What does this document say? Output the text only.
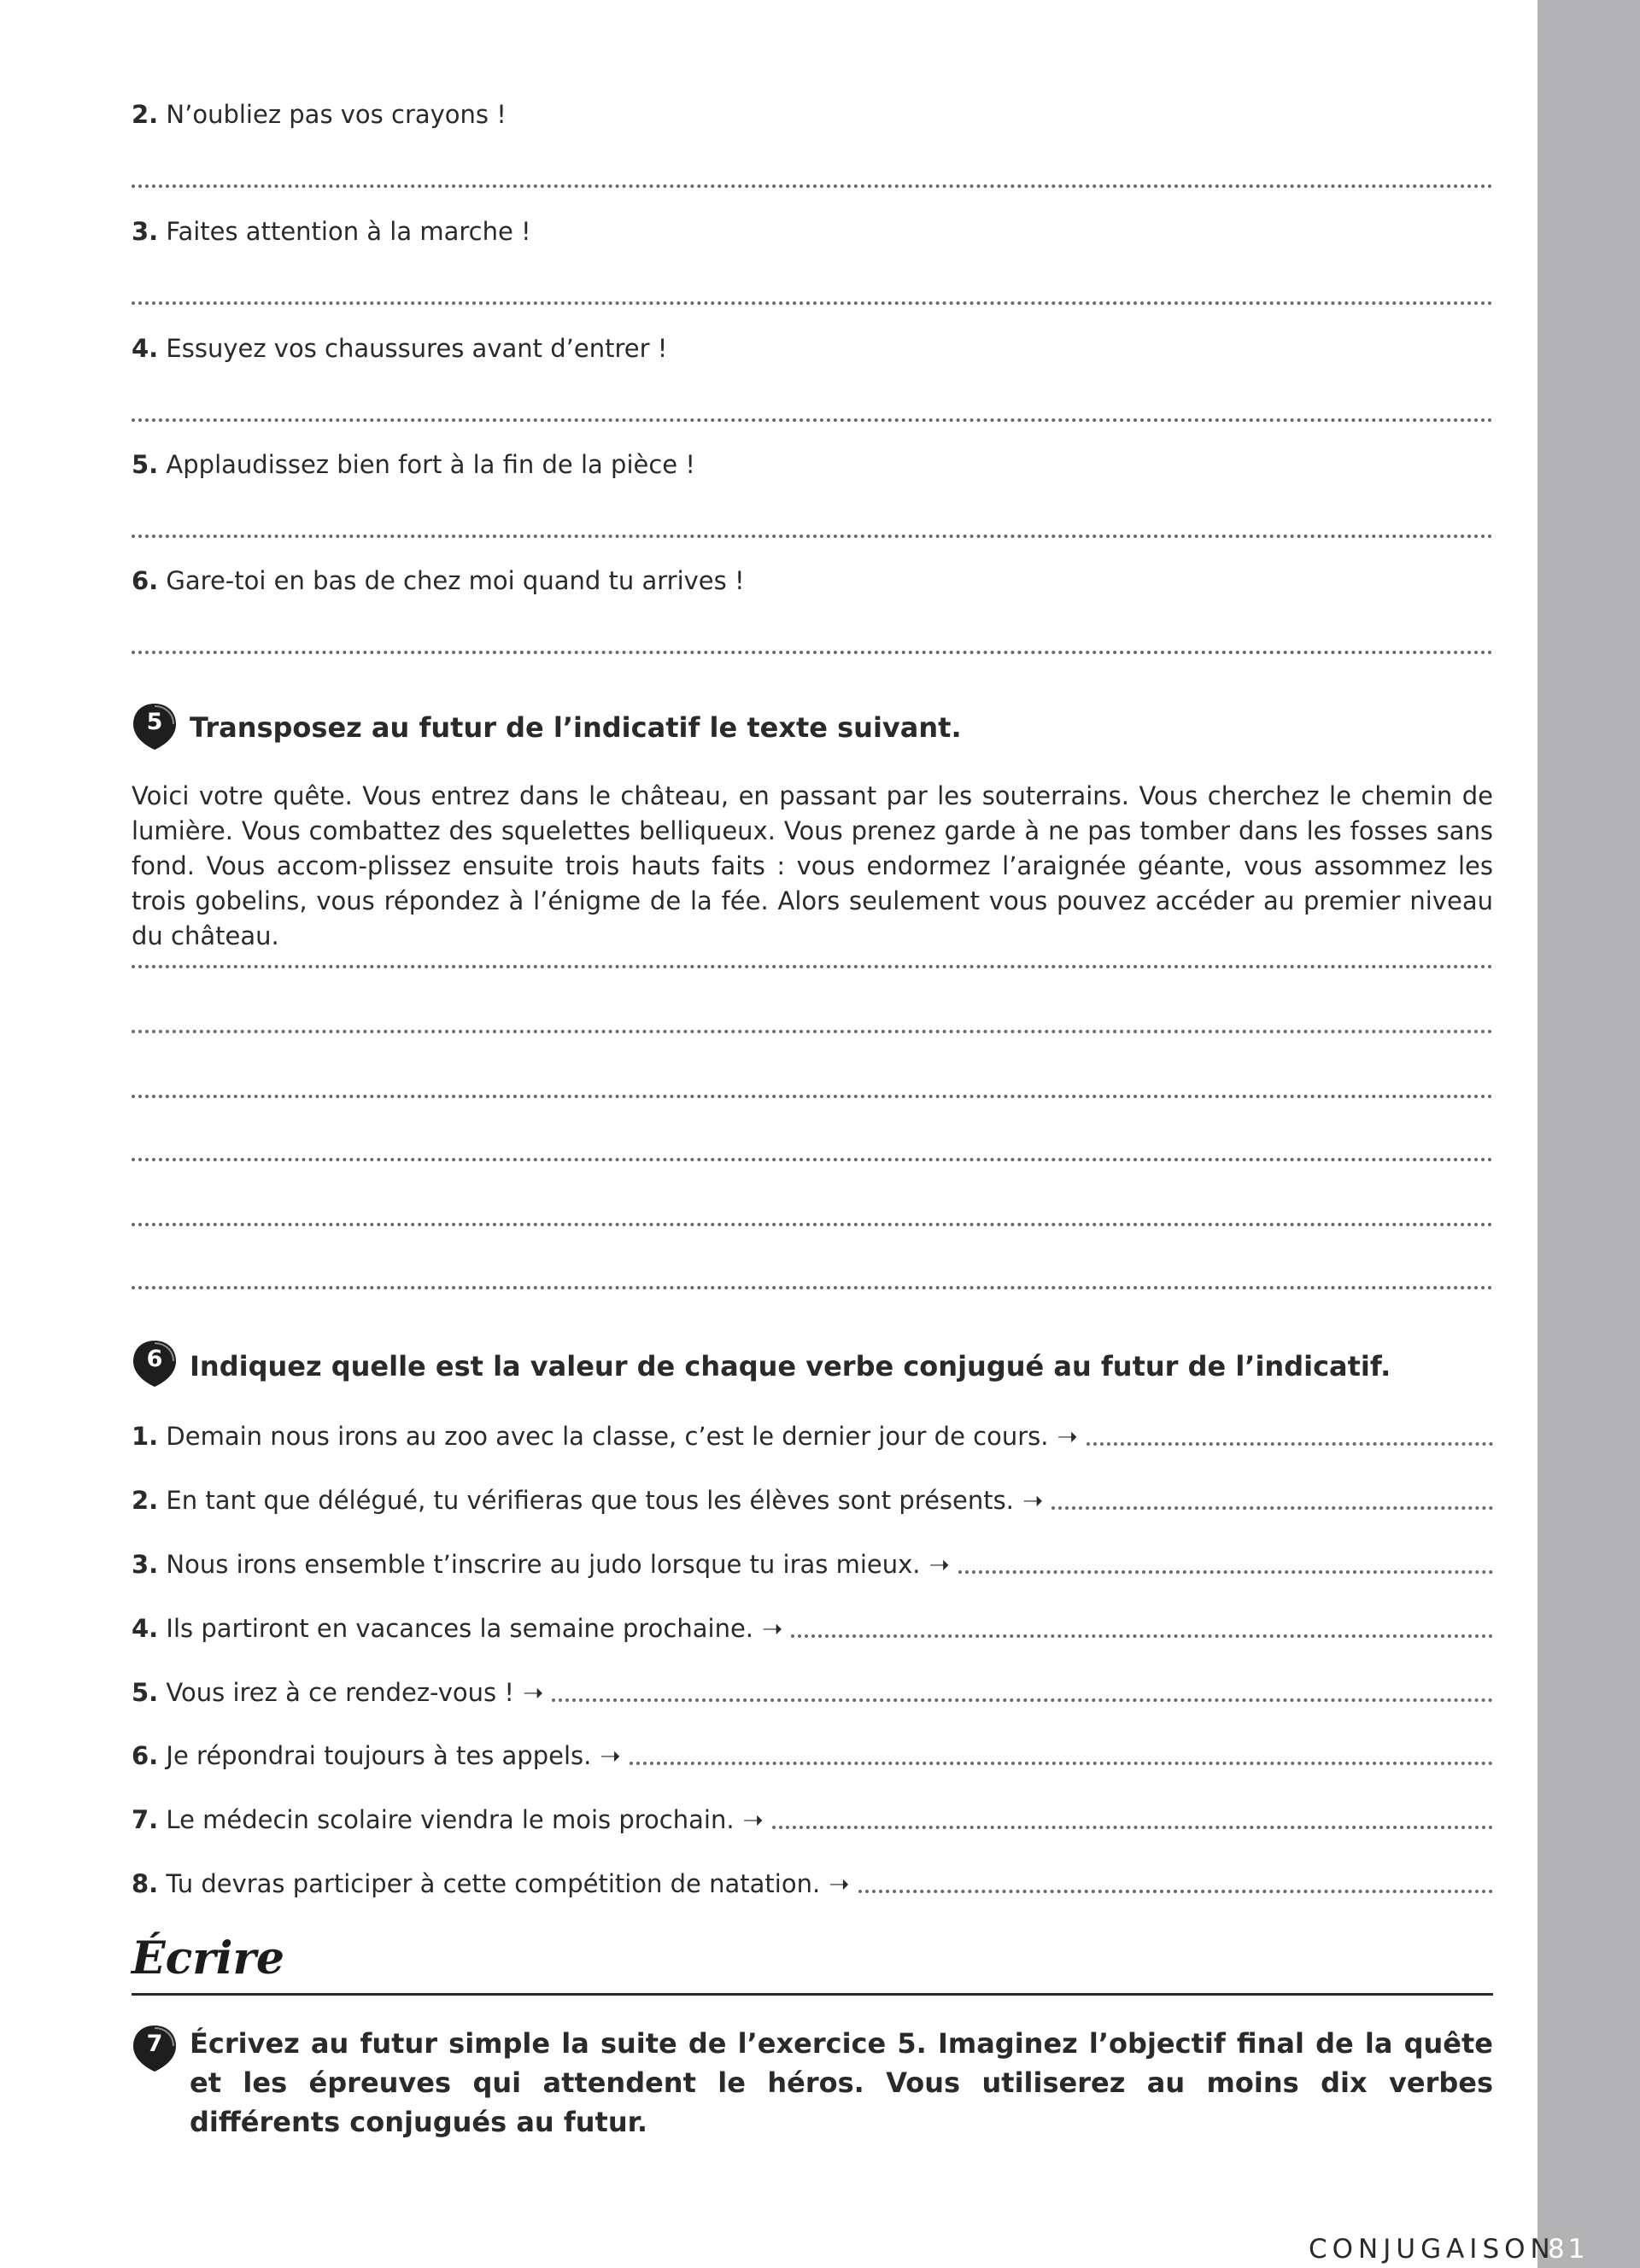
2. N’oubliez pas vos crayons !
3. Faites attention à la marche !
4. Essuyez vos chaussures avant d’entrer !
5. Applaudissez bien fort à la fin de la pièce !
6. Gare-toi en bas de chez moi quand tu arrives !
5 Transposez au futur de l’indicatif le texte suivant.

Voici votre quête. Vous entrez dans le château, en passant par les souterrains. Vous cherchez le chemin de lumière. Vous combattez des squelettes belliqueux. Vous prenez garde à ne pas tomber dans les fosses sans fond. Vous accom-plissez ensuite trois hauts faits : vous endormez l’araignée géante, vous assommez les trois gobelins, vous répondez à l’énigme de la fée. Alors seulement vous pouvez accéder au premier niveau du château.

6 Indiquez quelle est la valeur de chaque verbe conjugué au futur de l’indicatif.
1. Demain nous irons au zoo avec la classe, c’est le dernier jour de cours. ➝
2. En tant que délégué, tu vérifieras que tous les élèves sont présents. ➝
3. Nous irons ensemble t’inscrire au judo lorsque tu iras mieux. ➝
4. Ils partiront en vacances la semaine prochaine. ➝
5. Vous irez à ce rendez-vous ! ➝
6. Je répondrai toujours à tes appels. ➝
7. Le médecin scolaire viendra le mois prochain. ➝
8. Tu devras participer à cette compétition de natation. ➝
Écrire
7 Écrivez au futur simple la suite de l’exercice 5. Imaginez l’objectif final de la quête et les épreuves qui attendent le héros. Vous utiliserez au moins dix verbes différents conjugués au futur.
CONJUGAISON
81
